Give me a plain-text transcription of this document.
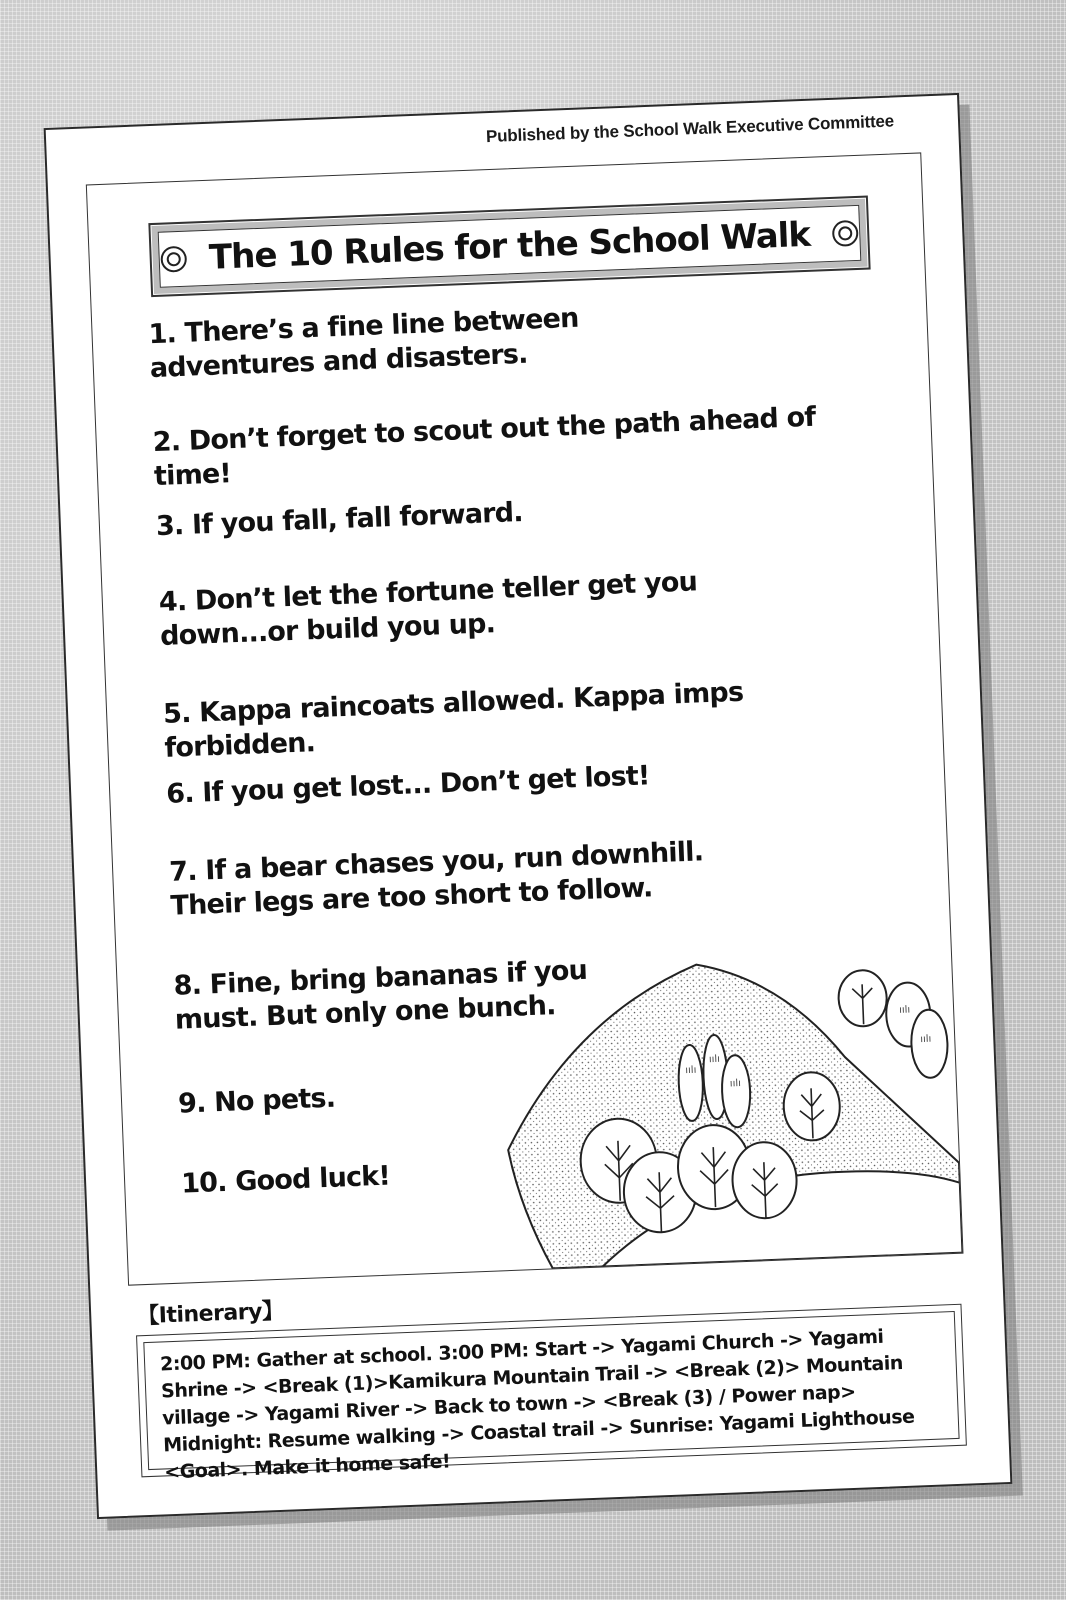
Published by the School Walk Executive Committee
The 10 Rules for the School Walk
ıılı
ıılı
ıılı
ıılı
ıılı

1. There’s a fine line between adventures and disasters.

2. Don’t forget to scout out the path ahead of time!

3. If you fall, fall forward.

4. Don’t let the fortune teller get you down...or build you up.

5. Kappa raincoats allowed. Kappa imps forbidden.

6. If you get lost... Don’t get lost!

7. If a bear chases you, run downhill. Their legs are too short to follow.

8. Fine, bring bananas if you must. But only one bunch.

9. No pets.

10. Good luck!

【Itinerary】
2:00 PM: Gather at school. 3:00 PM: Start -> Yagami Church -> Yagami Shrine -> <Break (1)>Kamikura Mountain Trail -> <Break (2)> Mountain village -> Yagami River -> Back to town -> <Break (3) / Power nap> Midnight: Resume walking -> Coastal trail -> Sunrise: Yagami Lighthouse <Goal>. Make it home safe!
